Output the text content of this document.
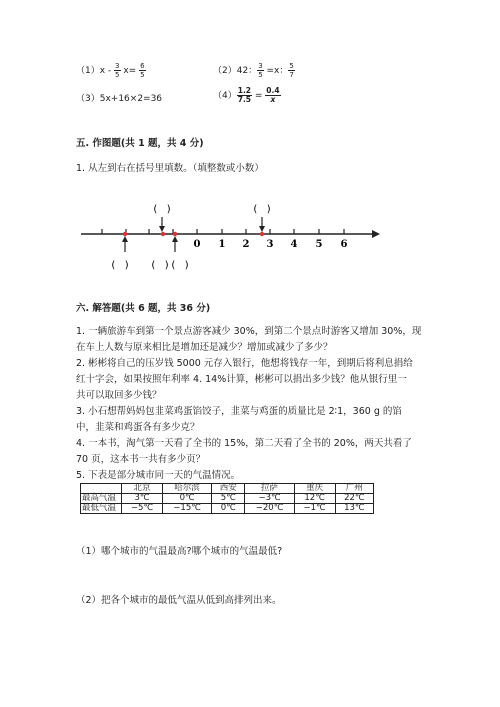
$(1)x - \frac{3}{5} x= \frac{6}{5}$	（2）42： $\frac{3}{5} =x$： $\frac{5}{7}$
（3）5x+16×2=36	$(4) \frac{1.2}{7.5} = \frac{0.4}{x}$
五. 作图题(共 1 题，共 4 分)
1. 从左到右在括号里填数。（填整数或小数）
0 1 2 3 4 5 6
(   )	(   )
(   ) (   ) (   )
六. 解答题(共 6 题，共 36 分)
1. 一辆旅游车到第一个景点游客减少 30%，到第二个景点时游客又增加 30%，现
在车上人数与原来相比是增加还是减少？增加或减少了多少？
2. 彬彬将自己的压岁钱 5000 元存入银行，他想将钱存一年，到期后将利息捐给
红十字会，如果按照年利率 4. 14%计算，彬彬可以捐出多少钱？他从银行里一
共可以取回多少钱？
3. 小石想帮妈妈包韭菜鸡蛋馅饺子，韭菜与鸡蛋的质量比是 2∶1，360 g 的馅
中，韭菜和鸡蛋各有多少克？
4. 一本书，淘气第一天看了全书的 15%，第二天看了全书的 20%，两天共看了
70 页，这本书一共有多少页？
5. 下表是部分城市同一天的气温情况。
	北京	哈尔滨	西安	拉萨	重庆	广州
最高气温	3℃	0℃	5℃	−3℃	12℃	22℃
最低气温	−5℃	−15℃	0℃	−20℃	−1℃	13℃
（1）哪个城市的气温最高?哪个城市的气温最低?
（2）把各个城市的最低气温从低到高排列出来。
